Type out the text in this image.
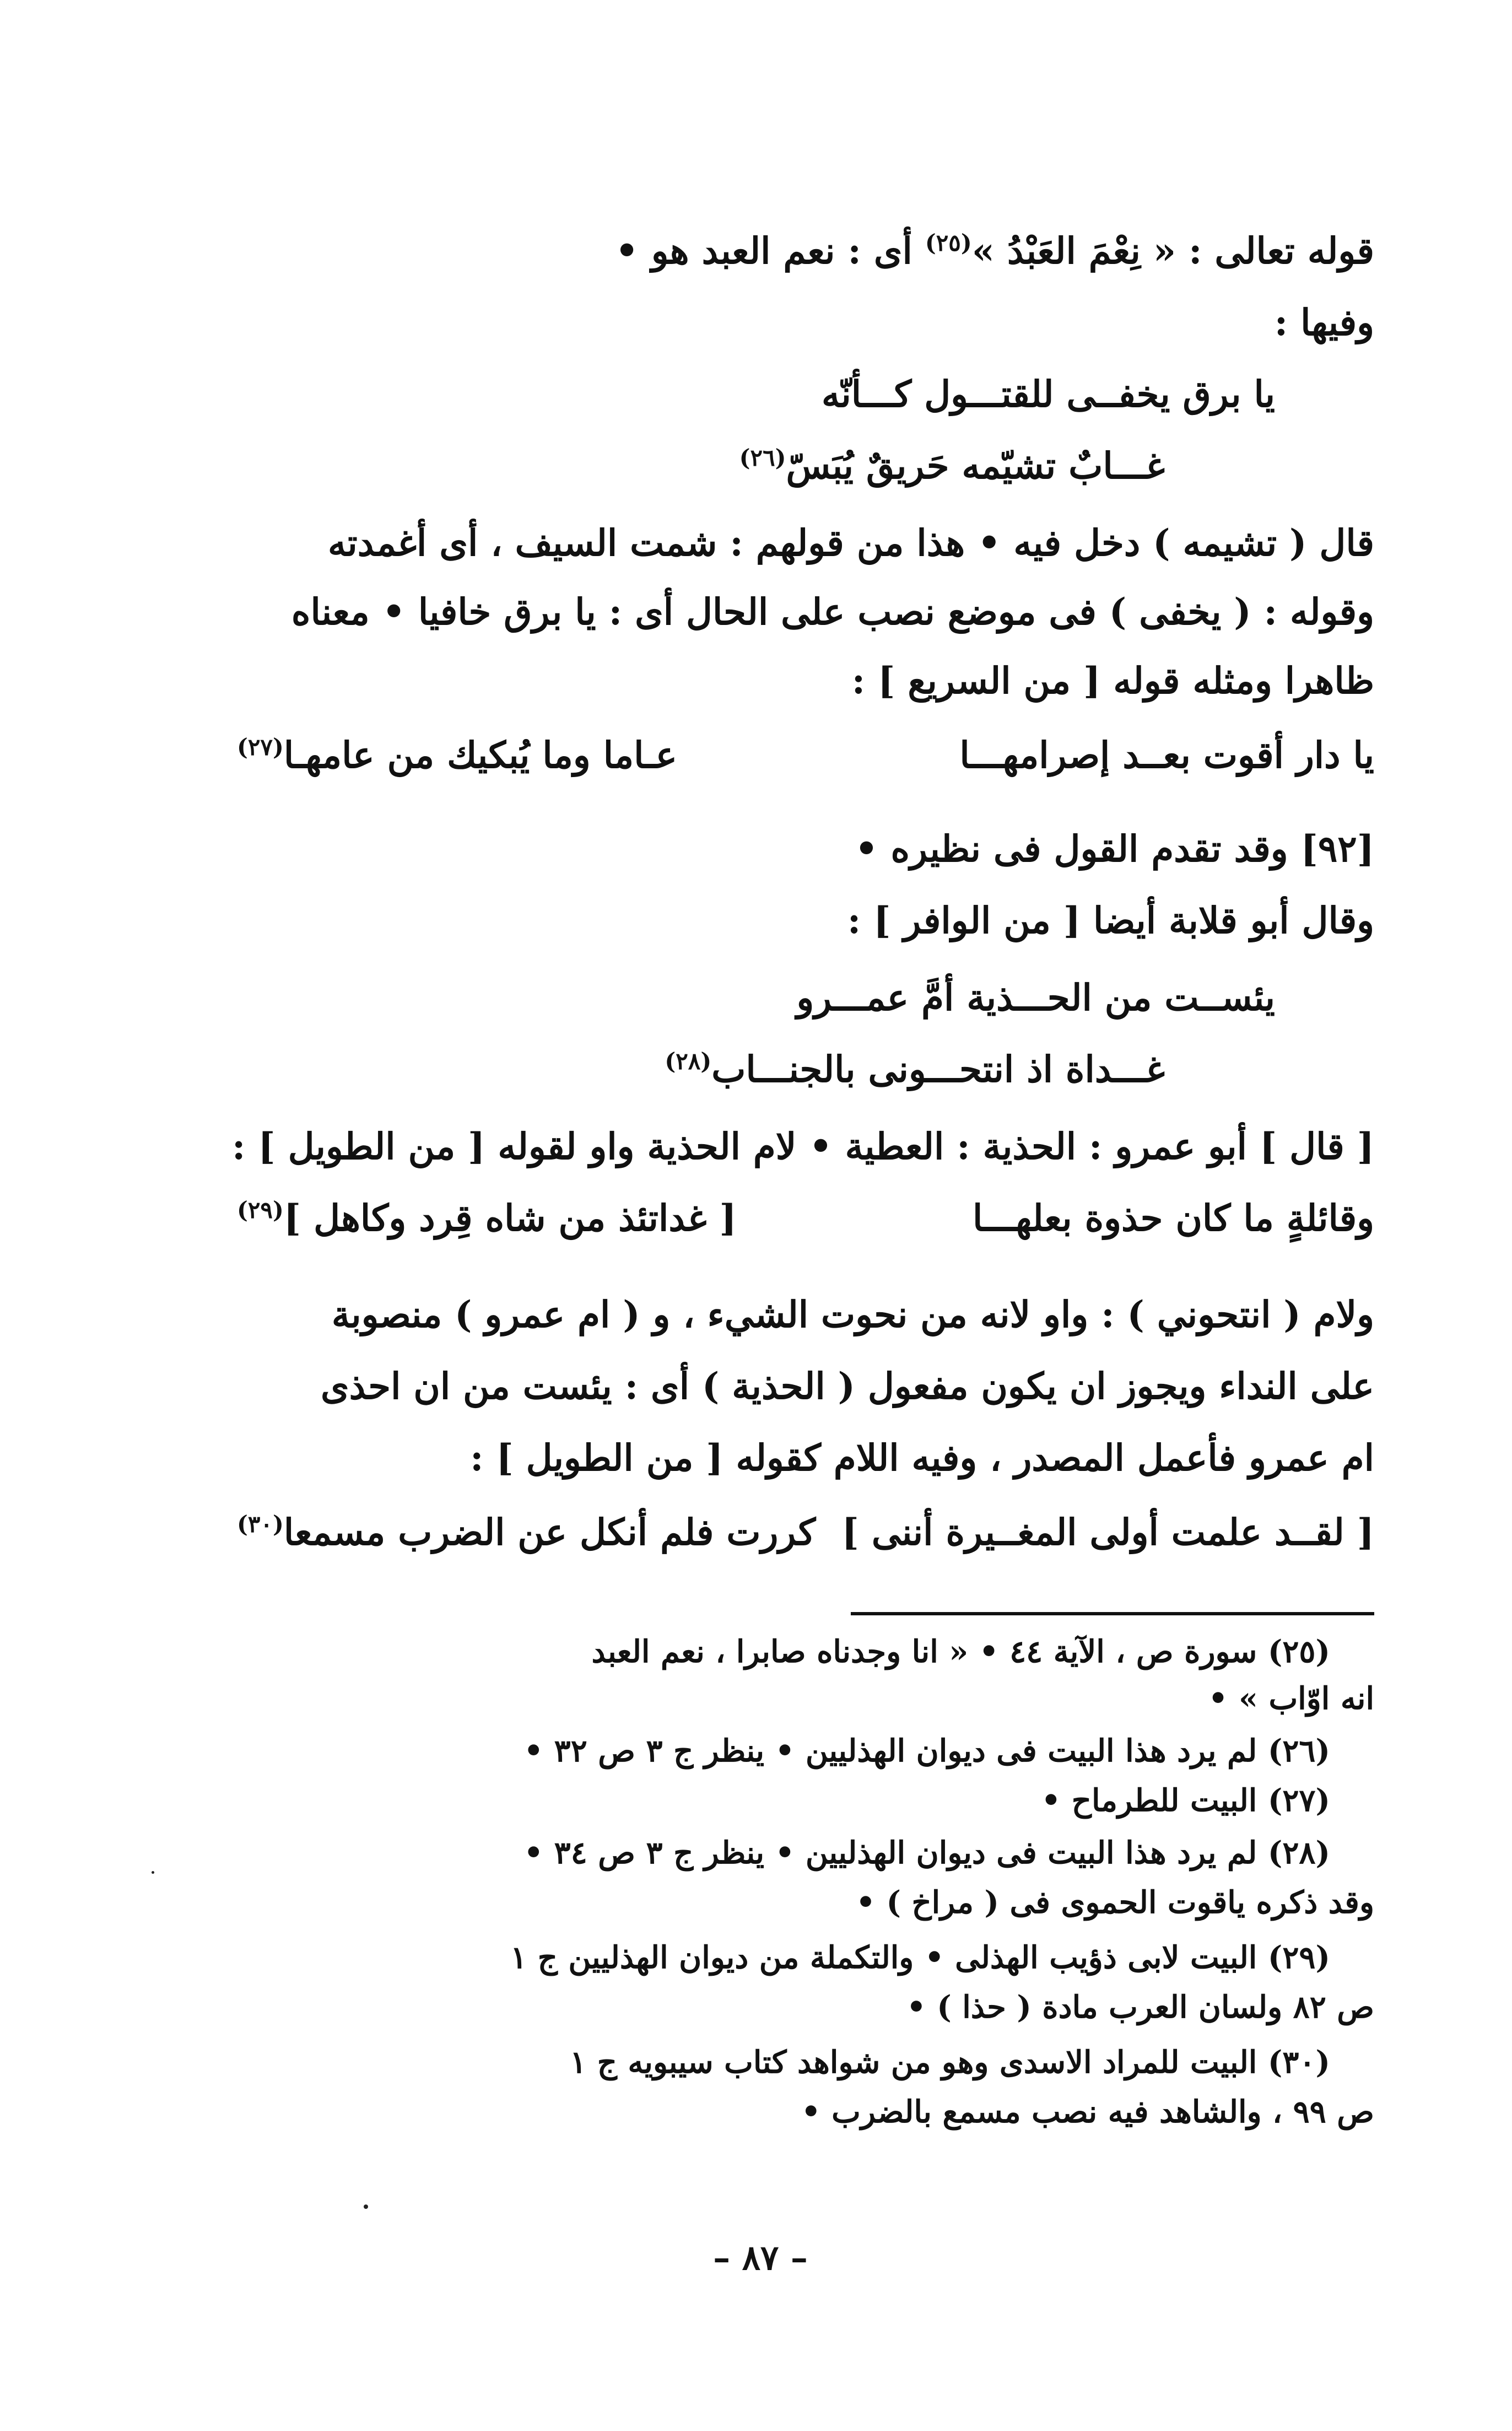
قوله تعالى : « نِعْمَ العَبْدُ »$^{(٢٥)}$ أى : نعم العبد هو •
وفيها :
يا برق يخفــى للقتـــول كـــأنّه
غـــابٌ تشيّمه حَريقٌ يُبَسّ$^{(٢٦)}$
قال ( تشيمه ) دخل فيه • هذا من قولهم : شمت السيف ، أى أغمدته
وقوله : ( يخفى ) فى موضع نصب على الحال أى : يا برق خافيا • معناه
ظاهرا ومثله قوله [ من السريع ] :
يا دار أقوت بعــد إصرامهـــا
عـاما وما يُبكيك من عامهـا$^{(٢٧)}$
[٩٢] وقد تقدم القول فى نظيره •
وقال أبو قلابة أيضا [ من الوافر ] :
يئســت من الحـــذية أمَّ عمـــرو
غـــداة اذ انتحـــونى بالجنـــاب$^{(٢٨)}$
[ قال ] أبو عمرو : الحذية : العطية • لام الحذية واو لقوله [ من الطويل ] :
وقائلةٍ ما كان حذوة بعلهـــا
[ غداتئذ من شاه قِرد وكاهل ]$^{(٢٩)}$
ولام ( انتحوني ) : واو لانه من نحوت الشيء ، و ( ام عمرو ) منصوبة
على النداء ويجوز ان يكون مفعول ( الحذية ) أى : يئست من ان احذى
ام عمرو فأعمل المصدر ، وفيه اللام كقوله [ من الطويل ] :
[ لقــد علمت أولى المغــيرة أننى ]
كررت فلم أنكل عن الضرب مسمعا$^{(٣٠)}$
(٢٥) سورة ص ، الآية ٤٤ • « انا وجدناه صابرا ، نعم العبد
انه اوّاب » •
(٢٦) لم يرد هذا البيت فى ديوان الهذليين • ينظر ج ٣ ص ٣٢ •
(٢٧) البيت للطرماح •
(٢٨) لم يرد هذا البيت فى ديوان الهذليين • ينظر ج ٣ ص ٣٤ •
وقد ذكره ياقوت الحموى فى ( مراخ ) •
(٢٩) البيت لابى ذؤيب الهذلى • والتكملة من ديوان الهذليين ج ١
ص ٨٢ ولسان العرب مادة ( حذا ) •
(٣٠) البيت للمراد الاسدى وهو من شواهد كتاب سيبويه ج ١
ص ٩٩ ، والشاهد فيه نصب مسمع بالضرب •
– ٨٧ –
